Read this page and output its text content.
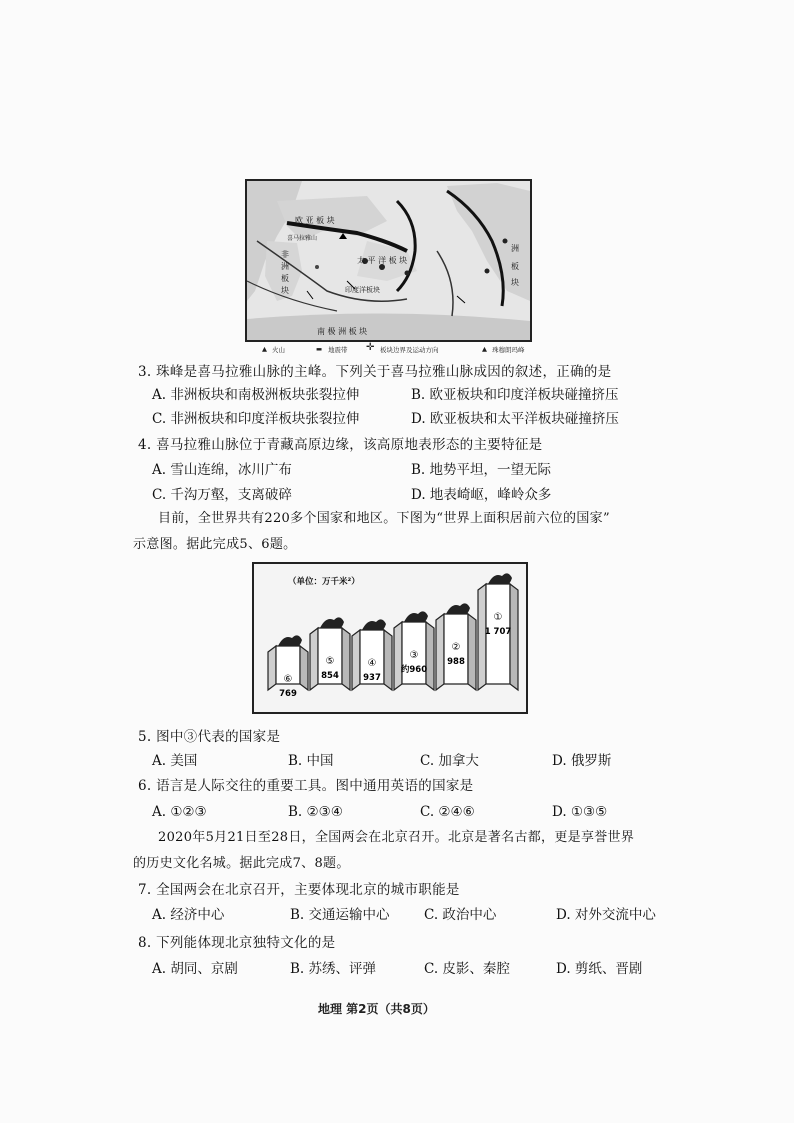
欧 亚 板 块
喜马拉雅山
太 平 洋 板 块
印度洋板块
南 极 洲 板 块
非
洲
板
块
洲
板
块
▲ 火山	▬ 地震带 ✛ 板块边界及运动方向	▲ 珠穆朗玛峰
3. 珠峰是喜马拉雅山脉的主峰。下列关于喜马拉雅山脉成因的叙述，正确的是
A. 非洲板块和南极洲板块张裂拉伸	B. 欧亚板块和印度洋板块碰撞挤压
C. 非洲板块和印度洋板块张裂拉伸	D. 欧亚板块和太平洋板块碰撞挤压
4. 喜马拉雅山脉位于青藏高原边缘，该高原地表形态的主要特征是
A. 雪山连绵，冰川广布	B. 地势平坦，一望无际
C. 千沟万壑，支离破碎	D. 地表崎岖，峰岭众多
目前，全世界共有220多个国家和地区。下图为“世界上面积居前六位的国家”
示意图。据此完成5、6题。
⑥
769
⑤
854
④
937
③
约960
②
988
①
1 707
（单位：万千米²）
5. 图中③代表的国家是
A. 美国	B. 中国	C. 加拿大	D. 俄罗斯
6. 语言是人际交往的重要工具。图中通用英语的国家是
A. ①②③	B. ②③④	C. ②④⑥	D. ①③⑤
2020年5月21日至28日，全国两会在北京召开。北京是著名古都，更是享誉世界
的历史文化名城。据此完成7、8题。
7. 全国两会在北京召开，主要体现北京的城市职能是
A. 经济中心	B. 交通运输中心	C. 政治中心	D. 对外交流中心
8. 下列能体现北京独特文化的是
A. 胡同、京剧	B. 苏绣、评弹	C. 皮影、秦腔	D. 剪纸、晋剧
地理 第2页（共8页）
